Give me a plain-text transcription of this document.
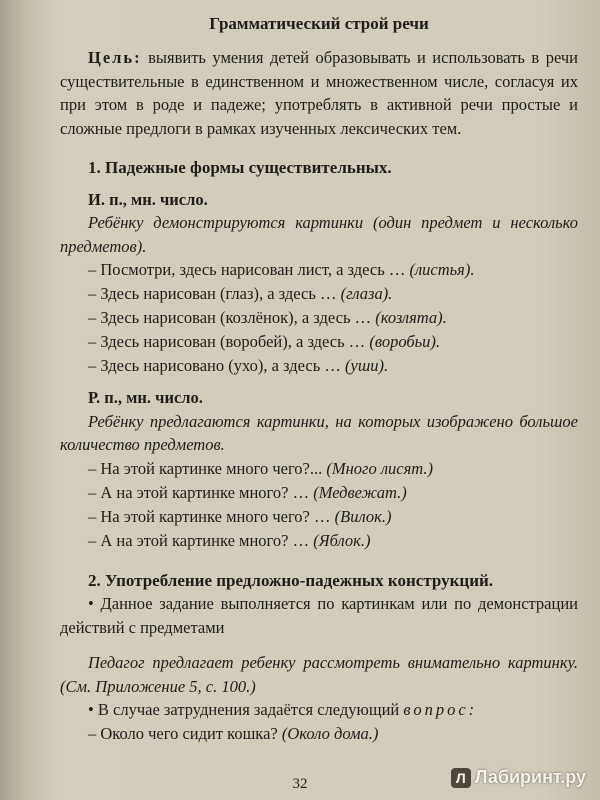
Грамматический строй речи

Цель: выявить умения детей образовывать и использовать в речи существительные в единственном и множественном числе, согласуя их при этом в роде и падеже; употреблять в активной речи простые и сложные предлоги в рамках изученных лексических тем.

1. Падежные формы существительных.

И. п., мн. число.

Ребёнку демонстрируются картинки (один предмет и несколько предметов).

– Посмотри, здесь нарисован лист, а здесь … (листья).
– Здесь нарисован (глаз), а здесь … (глаза).
– Здесь нарисован (козлёнок), а здесь … (козлята).
– Здесь нарисован (воробей), а здесь … (воробьи).
– Здесь нарисовано (ухо), а здесь … (уши).

Р. п., мн. число.

Ребёнку предлагаются картинки, на которых изображено большое количество предметов.

– На этой картинке много чего?... (Много лисят.)
– А на этой картинке много? … (Медвежат.)
– На этой картинке много чего? … (Вилок.)
– А на этой картинке много? … (Яблок.)

2. Употребление предложно-падежных конструкций.

• Данное задание выполняется по картинкам или по демонстрации действий с предметами

Педагог предлагает ребенку рассмотреть внимательно картинку. (См. Приложение 5, с. 100.)

• В случае затруднения задаётся следующий вопрос:
– Около чего сидит кошка? (Около дома.)
32	Л Лабиринт.ру
